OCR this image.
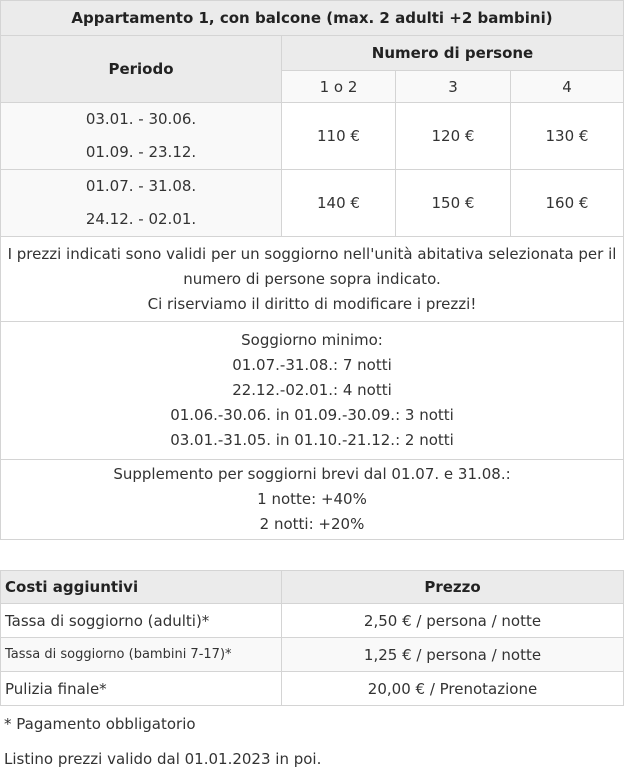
Appartamento 1, con balcone (max. 2 adulti +2 bambini)			
Periodo	Numero di persone		
	1 o 2	3	4

03.01. - 30.06.
01.09. - 23.12.	110 €	120 €	130 €

01.07. - 31.08.
24.12. - 02.01.	140 €	150 €	160 €

I prezzi indicati sono validi per un soggiorno nell'unità abitativa selezionata per il
numero di persone sopra indicato.
Ci riserviamo il diritto di modificare i prezzi!			

Soggiorno minimo:
01.07.-31.08.: 7 notti
22.12.-02.01.: 4 notti
01.06.-30.06. in 01.09.-30.09.: 3 notti
03.01.-31.05. in 01.10.-21.12.: 2 notti			

Supplemento per soggiorni brevi dal 01.07. e 31.08.:
1 notte: +40%
2 notti: +20%			
Costi aggiuntivi	Prezzo
Tassa di soggiorno (adulti)*	2,50 € / persona / notte
Tassa di soggiorno (bambini 7-17)*	1,25 € / persona / notte
Pulizia finale*	20,00 € / Prenotazione

* Pagamento obbligatorio

Listino prezzi valido dal 01.01.2023 in poi.
